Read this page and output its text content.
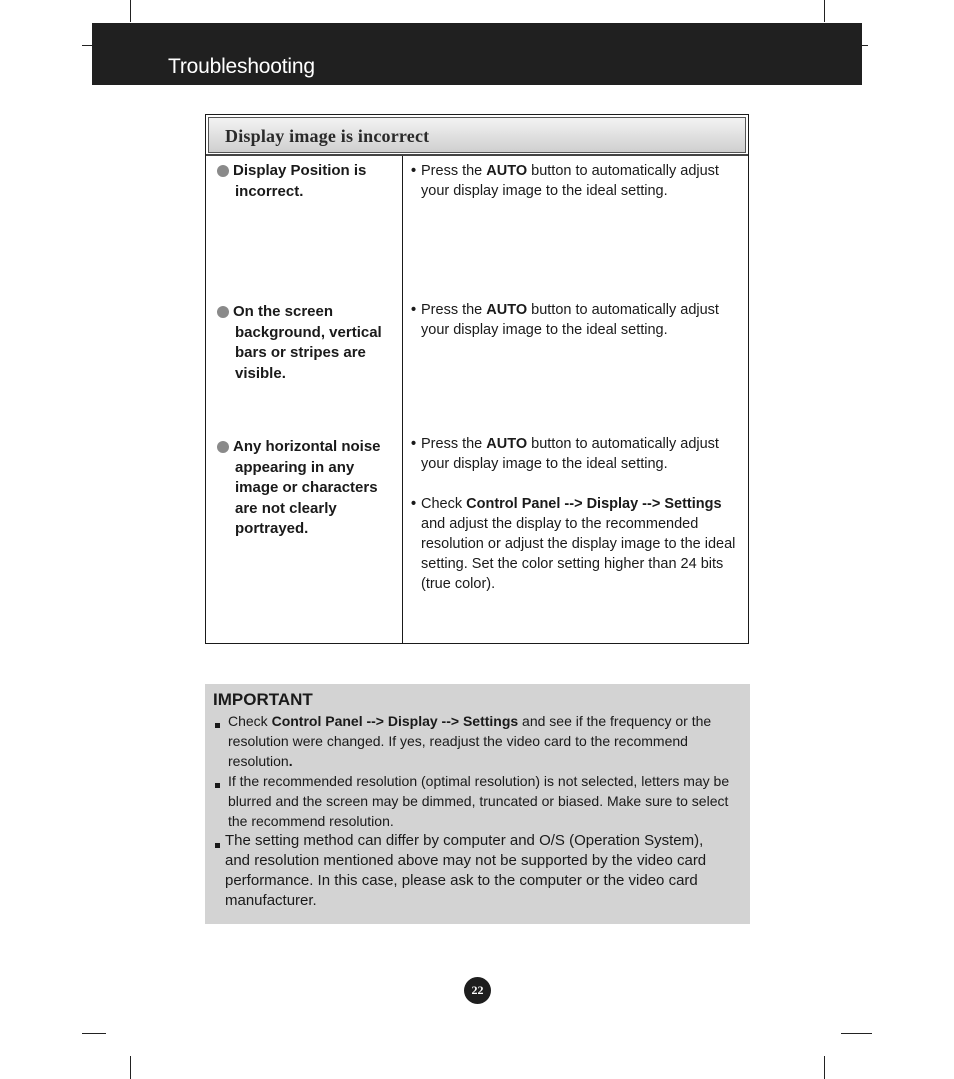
Troubleshooting
Display image is incorrect
Display Position is
incorrect.
• Press the AUTO button to automatically adjust your display image to the ideal setting.
On the screen
background, vertical
bars or stripes are
visible.
• Press the AUTO button to automatically adjust your display image to the ideal setting.
Any horizontal noise
appearing in any
image or characters
are not clearly
portrayed.
• Press the AUTO button to automatically adjust your display image to the ideal setting.
• Check Control Panel --> Display --> Settings and adjust the display to the recommended resolution or adjust the display image to the ideal setting. Set the color setting higher than 24 bits (true color).
IMPORTANT
Check Control Panel --> Display --> Settings and see if the frequency or the resolution were changed. If yes, readjust the video card to the recommend resolution.
If the recommended resolution (optimal resolution) is not selected, letters may be blurred and the screen may be dimmed, truncated or biased. Make sure to select the recommend resolution.
The setting method can differ by computer and O/S (Operation System), and resolution mentioned above may not be supported by the video card performance. In this case, please ask to the computer or the video card manufacturer.
22
